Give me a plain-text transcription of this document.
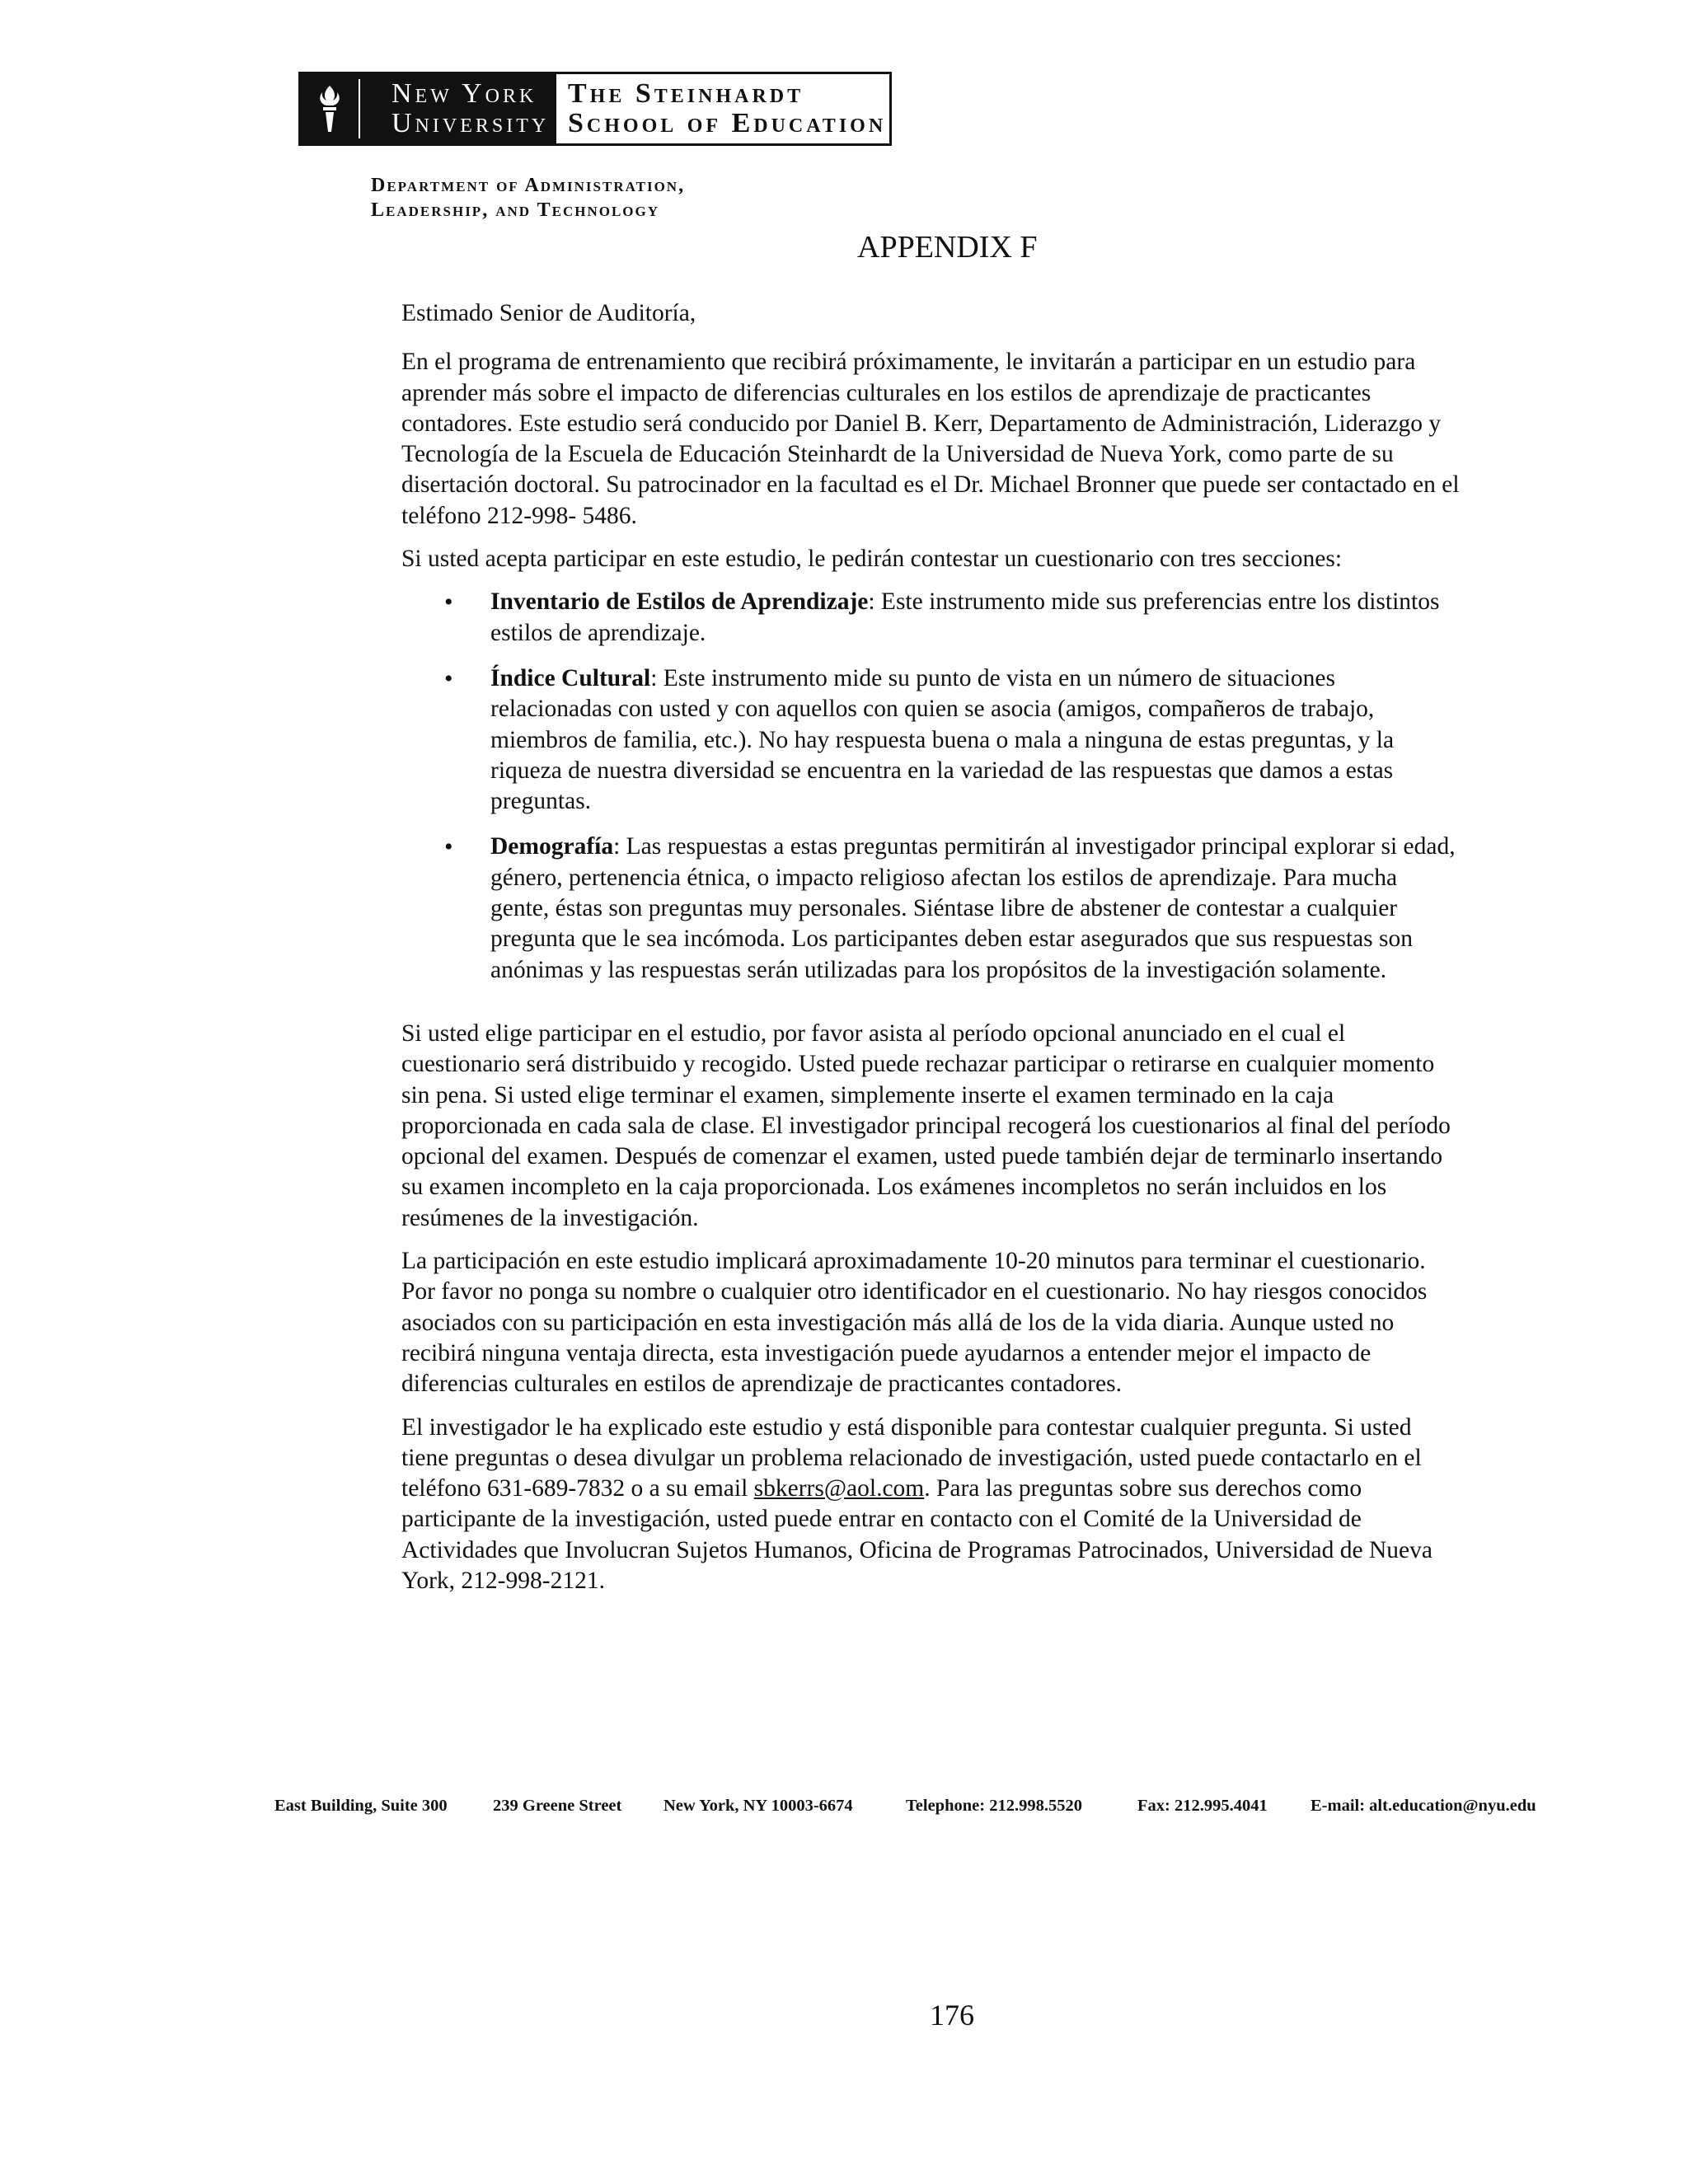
New York
University
The Steinhardt
School of Education
Department of Administration,
Leadership, and Technology
APPENDIX F

Estimado Senior de Auditoría,

En el programa de entrenamiento que recibirá próximamente, le invitarán a participar en un estudio para aprender más sobre el impacto de diferencias culturales en los estilos de aprendizaje de practicantes contadores. Este estudio será conducido por Daniel B. Kerr, Departamento de Administración, Liderazgo y Tecnología de la Escuela de Educación Steinhardt de la Universidad de Nueva York, como parte de su disertación doctoral. Su patrocinador en la facultad es el Dr. Michael Bronner que puede ser contactado en el teléfono 212-998- 5486.

Si usted acepta participar en este estudio, le pedirán contestar un cuestionario con tres secciones:

• Inventario de Estilos de Aprendizaje: Este instrumento mide sus preferencias entre los distintos estilos de aprendizaje.
• Índice Cultural: Este instrumento mide su punto de vista en un número de situaciones relacionadas con usted y con aquellos con quien se asocia (amigos, compañeros de trabajo, miembros de familia, etc.). No hay respuesta buena o mala a ninguna de estas preguntas, y la riqueza de nuestra diversidad se encuentra en la variedad de las respuestas que damos a estas preguntas.
• Demografía: Las respuestas a estas preguntas permitirán al investigador principal explorar si edad, género, pertenencia étnica, o impacto religioso afectan los estilos de aprendizaje. Para mucha gente, éstas son preguntas muy personales. Siéntase libre de abstener de contestar a cualquier pregunta que le sea incómoda. Los participantes deben estar asegurados que sus respuestas son anónimas y las respuestas serán utilizadas para los propósitos de la investigación solamente.

Si usted elige participar en el estudio, por favor asista al período opcional anunciado en el cual el cuestionario será distribuido y recogido. Usted puede rechazar participar o retirarse en cualquier momento sin pena. Si usted elige terminar el examen, simplemente inserte el examen terminado en la caja proporcionada en cada sala de clase. El investigador principal recogerá los cuestionarios al final del período opcional del examen. Después de comenzar el examen, usted puede también dejar de terminarlo insertando su examen incompleto en la caja proporcionada. Los exámenes incompletos no serán incluidos en los resúmenes de la investigación.

La participación en este estudio implicará aproximadamente 10-20 minutos para terminar el cuestionario. Por favor no ponga su nombre o cualquier otro identificador en el cuestionario. No hay riesgos conocidos asociados con su participación en esta investigación más allá de los de la vida diaria. Aunque usted no recibirá ninguna ventaja directa, esta investigación puede ayudarnos a entender mejor el impacto de diferencias culturales en estilos de aprendizaje de practicantes contadores.

El investigador le ha explicado este estudio y está disponible para contestar cualquier pregunta. Si usted tiene preguntas o desea divulgar un problema relacionado de investigación, usted puede contactarlo en el teléfono 631-689-7832 o a su email sbkerrs@aol.com. Para las preguntas sobre sus derechos como participante de la investigación, usted puede entrar en contacto con el Comité de la Universidad de Actividades que Involucran Sujetos Humanos, Oficina de Programas Patrocinados, Universidad de Nueva York, 212-998-2121.

East Building, Suite 300	239 Greene Street New York, NY 10003-6674	Telephone: 212.998.5520	Fax: 212.995.4041	E-mail: alt.education@nyu.edu
176
